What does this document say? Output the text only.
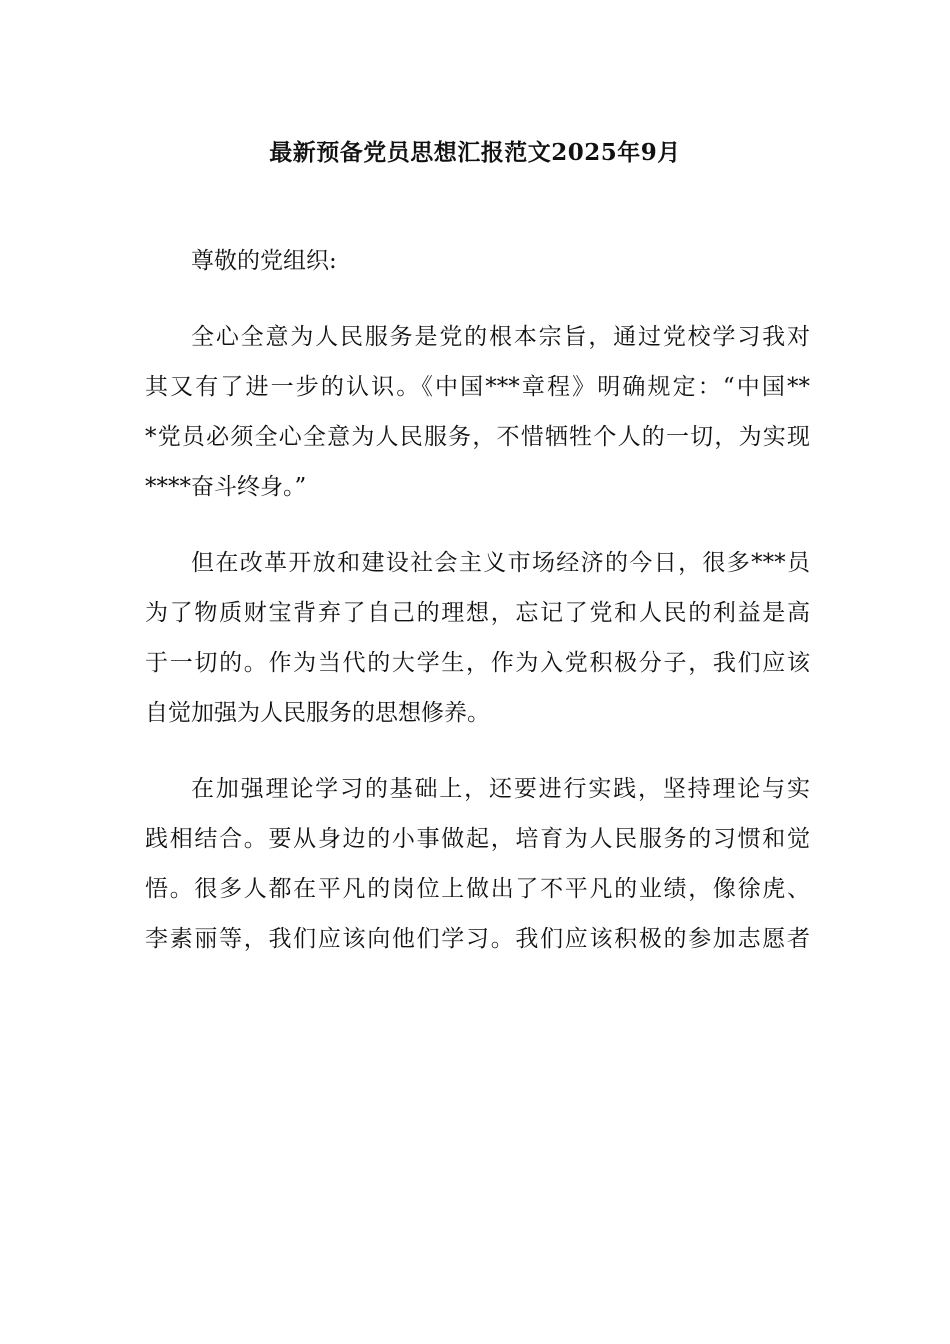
最新预备党员思想汇报范文2025年9月
尊敬的党组织:
全心全意为人民服务是党的根本宗旨，通过党校学习我对
其又有了进一步的认识。《中国***章程》明确规定：“中国**
*党员必须全心全意为人民服务，不惜牺牲个人的一切，为实现
****奋斗终身。”
但在改革开放和建设社会主义市场经济的今日，很多***员
为了物质财宝背弃了自己的理想，忘记了党和人民的利益是高
于一切的。作为当代的大学生，作为入党积极分子，我们应该
自觉加强为人民服务的思想修养。
在加强理论学习的基础上，还要进行实践，坚持理论与实
践相结合。要从身边的小事做起，培育为人民服务的习惯和觉
悟。很多人都在平凡的岗位上做出了不平凡的业绩，像徐虎、
李素丽等，我们应该向他们学习。我们应该积极的参加志愿者
